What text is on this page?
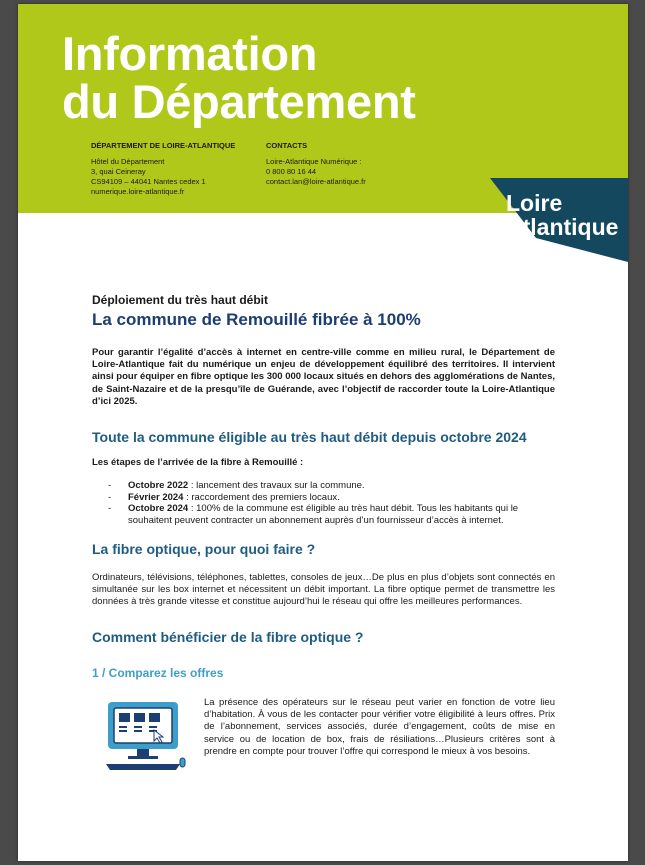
Information
du Département
DÉPARTEMENT DE LOIRE-ATLANTIQUE
Hôtel du Département
3, quai Ceineray
CS94109 – 44041 Nantes cedex 1
numerique.loire-atlantique.fr
CONTACTS
Loire-Atlantique Numérique :
0 800 80 16 44
contact.lan@loire-atlantique.fr
Loire
Atlantique
Déploiement du très haut débit
La commune de Remouillé fibrée à 100%
Pour garantir l’égalité d’accès à internet en centre-ville comme en milieu rural, le Département de Loire-Atlantique fait du numérique un enjeu de développement équilibré des territoires. Il intervient ainsi pour équiper en fibre optique les 300 000 locaux situés en dehors des agglomérations de Nantes, de Saint-Nazaire et de la presqu’île de Guérande, avec l’objectif de raccorder toute la Loire-Atlantique d’ici 2025.
Toute la commune éligible au très haut débit depuis octobre 2024
Les étapes de l’arrivée de la fibre à Remouillé :
- Octobre 2022 : lancement des travaux sur la commune.
- Février 2024 : raccordement des premiers locaux.
- Octobre 2024 : 100% de la commune est éligible au très haut débit. Tous les habitants qui le souhaitent peuvent contracter un abonnement auprès d’un fournisseur d’accès à internet.
La fibre optique, pour quoi faire ?
Ordinateurs, télévisions, téléphones, tablettes, consoles de jeux…De plus en plus d’objets sont connectés en simultanée sur les box internet et nécessitent un débit important. La fibre optique permet de transmettre les données à très grande vitesse et constitue aujourd’hui le réseau qui offre les meilleures performances.
Comment bénéficier de la fibre optique ?
1 / Comparez les offres
La présence des opérateurs sur le réseau peut varier en fonction de votre lieu d’habitation. À vous de les contacter pour vérifier votre éligibilité à leurs offres. Prix de l’abonnement, services associés, durée d’engagement, coûts de mise en service ou de location de box, frais de résiliations…Plusieurs critères sont à prendre en compte pour trouver l’offre qui correspond le mieux à vos besoins.
